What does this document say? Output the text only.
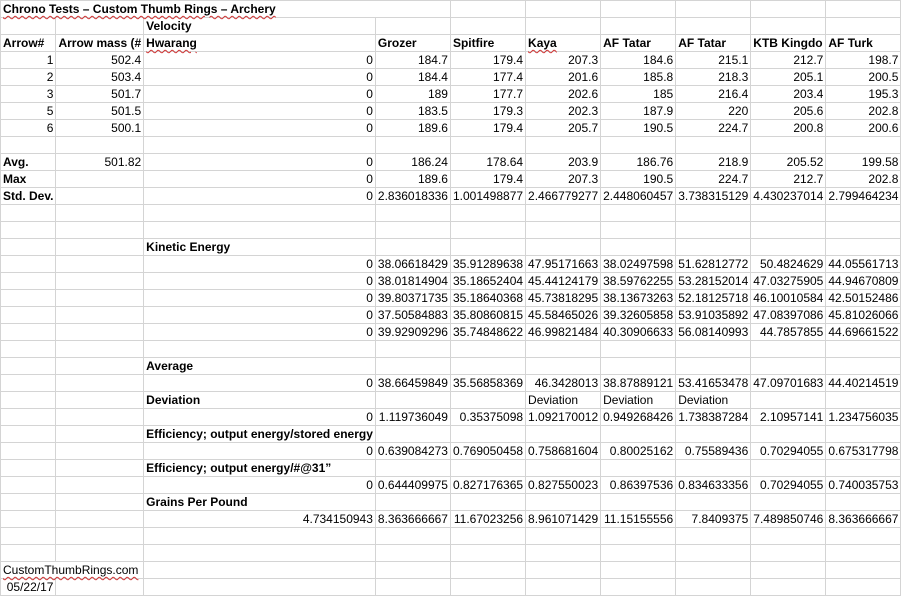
Chrono Tests – Custom Thumb Rings – Archery									
		Velocity							
Arrow#	Arrow mass (#	Hwarang	Grozer	Spitfire	Kaya	AF Tatar	AF Tatar	KTB Kingdo	AF Turk
1	502.4	0	184.7	179.4	207.3	184.6	215.1	212.7	198.7
2	503.4	0	184.4	177.4	201.6	185.8	218.3	205.1	200.5
3	501.7	0	189	177.7	202.6	185	216.4	203.4	195.3
5	501.5	0	183.5	179.3	202.3	187.9	220	205.6	202.8
6	500.1	0	189.6	179.4	205.7	190.5	224.7	200.8	200.6

Avg.	501.82	0	186.24	178.64	203.9	186.76	218.9	205.52	199.58
Max		0	189.6	179.4	207.3	190.5	224.7	212.7	202.8
Std. Dev.		0	2.836018336	1.001498877	2.466779277	2.448060457	3.738315129	4.430237014	2.799464234

		Kinetic Energy							
		0	38.06618429	35.91289638	47.95171663	38.02497598	51.62812772	50.4824629	44.05561713
		0	38.01814904	35.18652404	45.44124179	38.59762255	53.28152014	47.03275905	44.94670809
		0	39.80371735	35.18640368	45.73818295	38.13673263	52.18125718	46.10010584	42.50152486
		0	37.50584883	35.80860815	45.58465026	39.32605858	53.91035892	47.08397086	45.81026066
		0	39.92909296	35.74848622	46.99821484	40.30906633	56.08140993	44.7857855	44.69661522

		Average							
		0	38.66459849	35.56858369	46.3428013	38.87889121	53.41653478	47.09701683	44.40214519
		Deviation			Deviation	Deviation	Deviation		
		0	1.119736049	0.35375098	1.092170012	0.949268426	1.738387284	2.10957141	1.234756035
		Efficiency; output energy/stored energy							
		0	0.639084273	0.769050458	0.758681604	0.80025162	0.75589436	0.70294055	0.675317798
		Efficiency; output energy/#@31”							
		0	0.644409975	0.827176365	0.827550023	0.86397536	0.834633356	0.70294055	0.740035753
		Grains Per Pound							
		4.734150943	8.363666667	11.67023256	8.961071429	11.15155556	7.8409375	7.489850746	8.363666667

CustomThumbRings.com									
05/22/17									
